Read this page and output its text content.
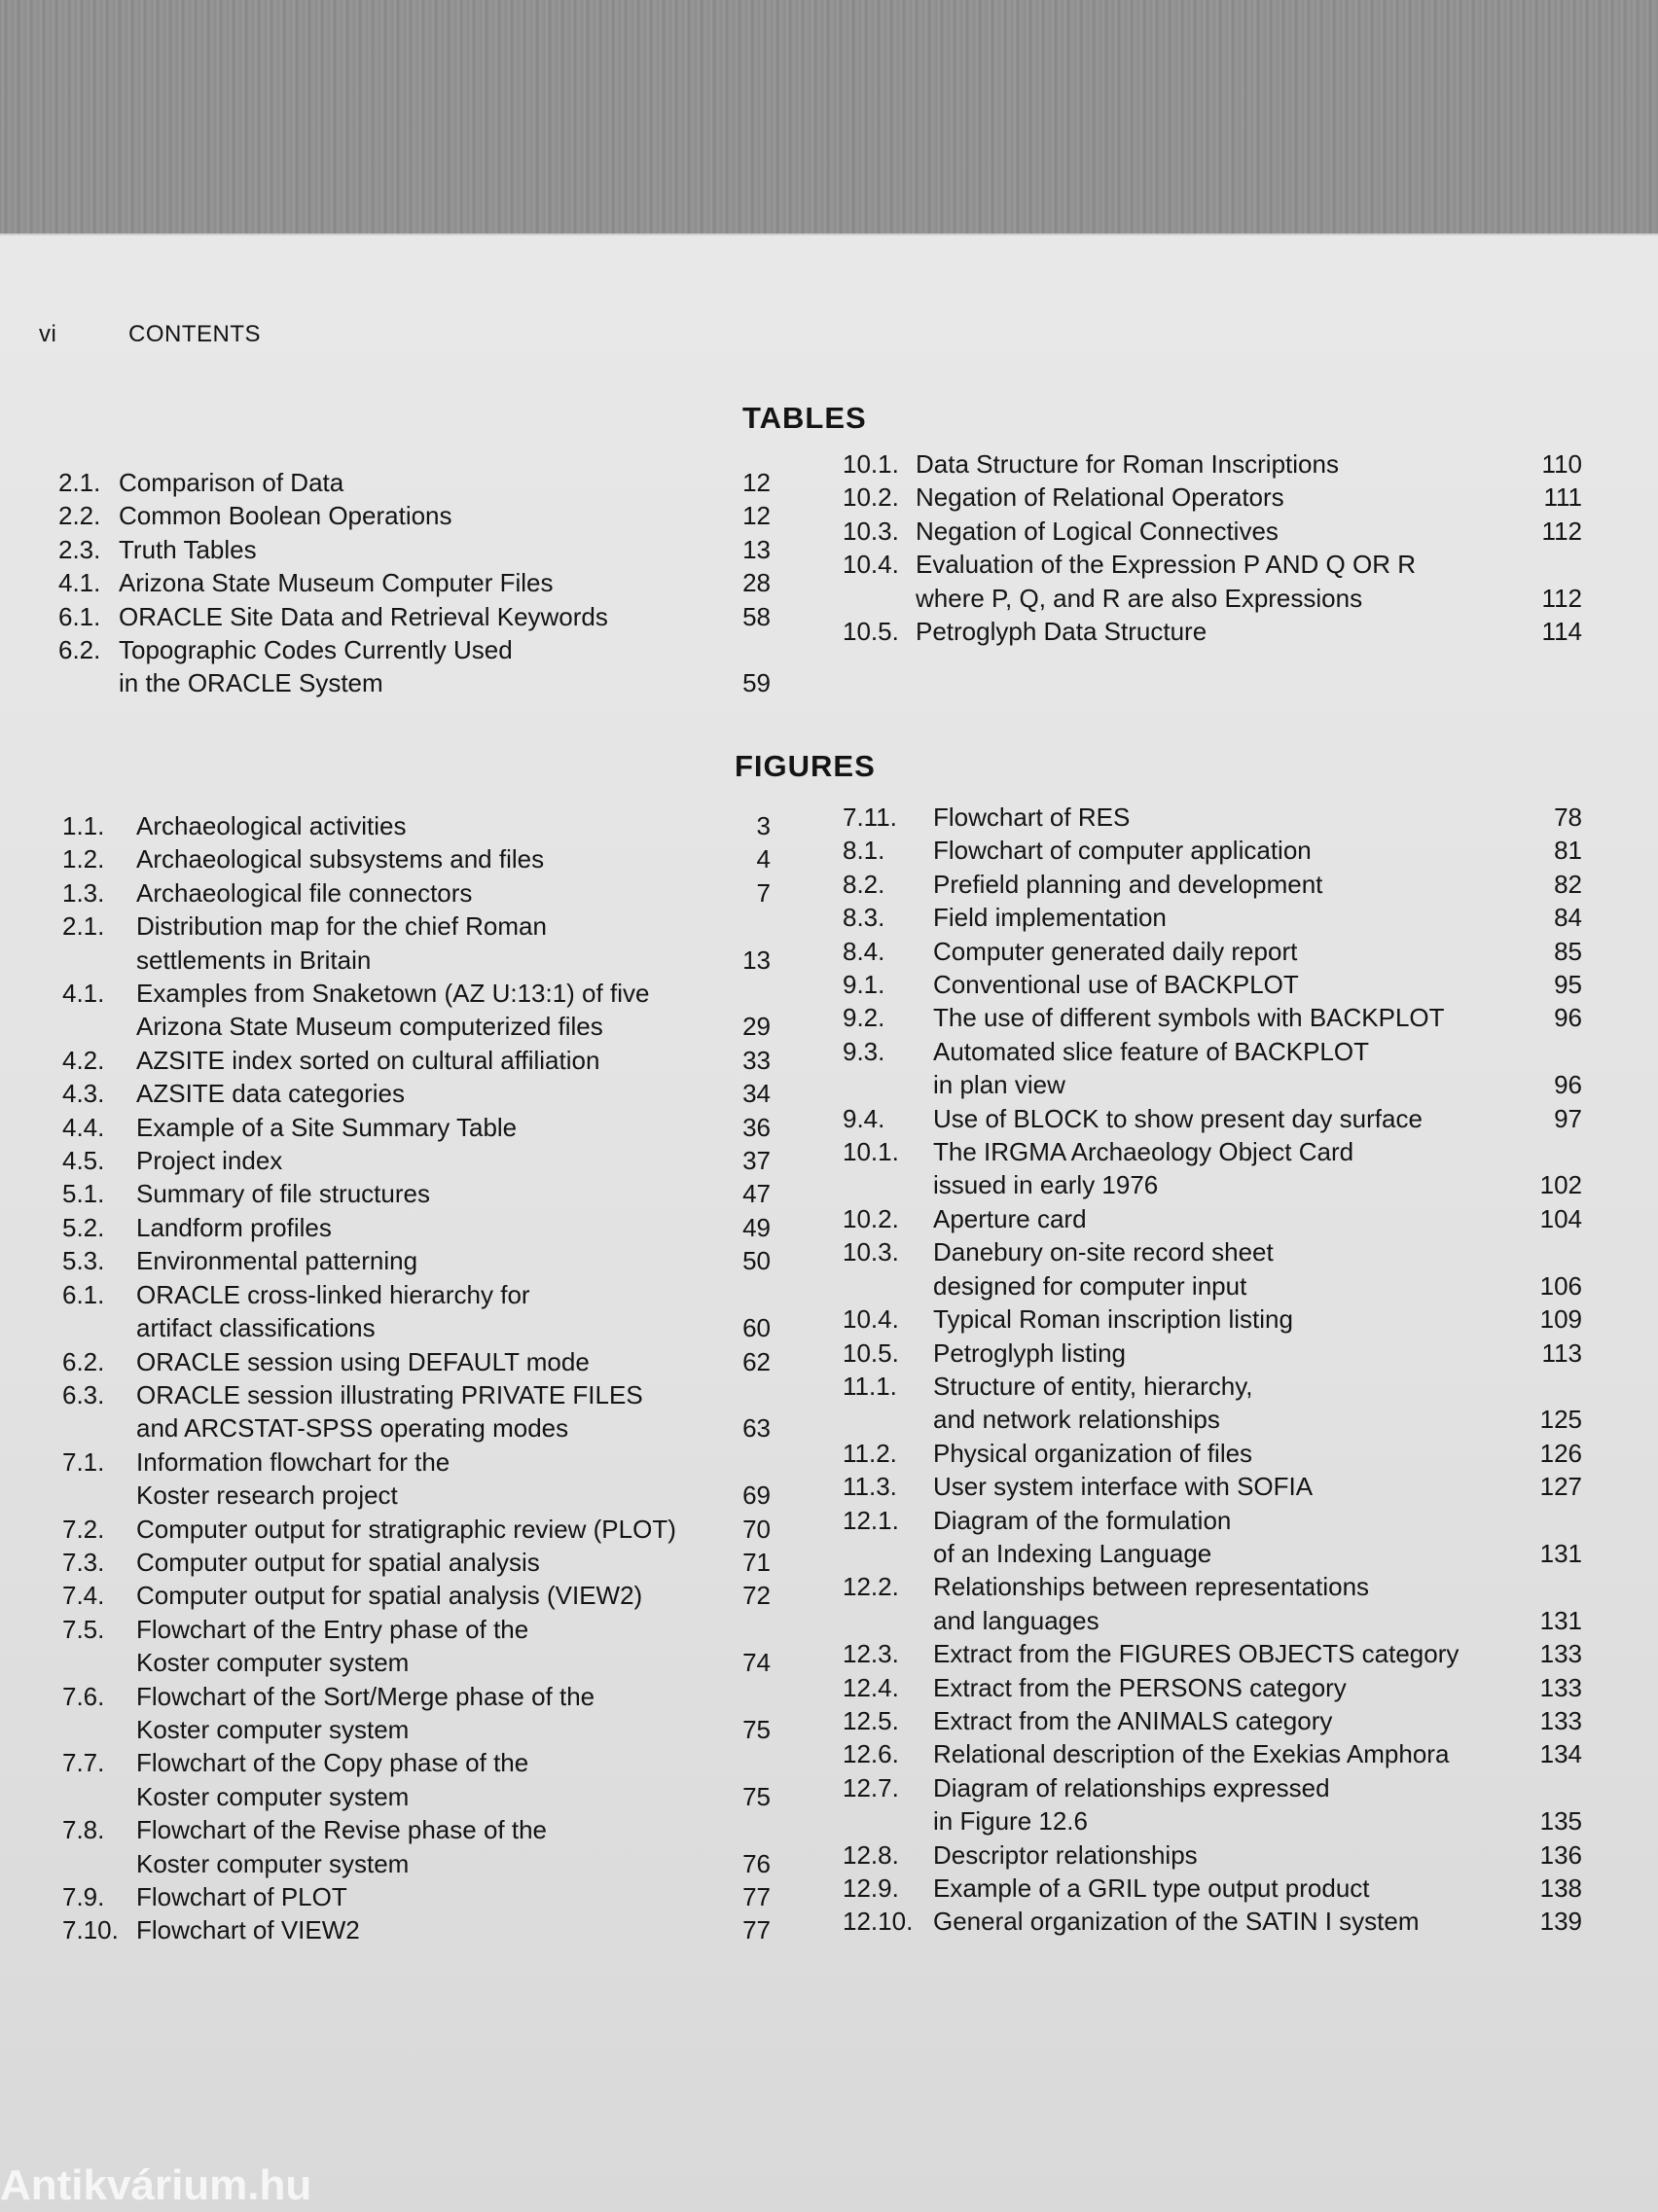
vi	CONTENTS
TABLES
2.1. Comparison of Data	12
2.2. Common Boolean Operations	12
2.3. Truth Tables	13
4.1. Arizona State Museum Computer Files	28
6.1. ORACLE Site Data and Retrieval Keywords	58
6.2. Topographic Codes Currently Used
in the ORACLE System	59
10.1. Data Structure for Roman Inscriptions	110
10.2. Negation of Relational Operators	111
10.3. Negation of Logical Connectives	112
10.4. Evaluation of the Expression P AND Q OR R
where P, Q, and R are also Expressions	112
10.5. Petroglyph Data Structure	114
FIGURES
1.1. Archaeological activities	3
1.2. Archaeological subsystems and files	4
1.3. Archaeological file connectors	7
2.1. Distribution map for the chief Roman
settlements in Britain	13
4.1. Examples from Snaketown (AZ U:13:1) of five
Arizona State Museum computerized files	29
4.2. AZSITE index sorted on cultural affiliation	33
4.3. AZSITE data categories	34
4.4. Example of a Site Summary Table	36
4.5. Project index	37
5.1. Summary of file structures	47
5.2. Landform profiles	49
5.3. Environmental patterning	50
6.1. ORACLE cross-linked hierarchy for
artifact classifications	60
6.2. ORACLE session using DEFAULT mode	62
6.3. ORACLE session illustrating PRIVATE FILES
and ARCSTAT-SPSS operating modes	63
7.1. Information flowchart for the
Koster research project	69
7.2. Computer output for stratigraphic review (PLOT)	70
7.3. Computer output for spatial analysis	71
7.4. Computer output for spatial analysis (VIEW2)	72
7.5. Flowchart of the Entry phase of the
Koster computer system	74
7.6. Flowchart of the Sort/Merge phase of the
Koster computer system	75
7.7. Flowchart of the Copy phase of the
Koster computer system	75
7.8. Flowchart of the Revise phase of the
Koster computer system	76
7.9. Flowchart of PLOT	77
7.10. Flowchart of VIEW2	77
7.11. Flowchart of RES	78
8.1. Flowchart of computer application	81
8.2. Prefield planning and development	82
8.3. Field implementation	84
8.4. Computer generated daily report	85
9.1. Conventional use of BACKPLOT	95
9.2. The use of different symbols with BACKPLOT	96
9.3. Automated slice feature of BACKPLOT
in plan view	96
9.4. Use of BLOCK to show present day surface	97
10.1. The IRGMA Archaeology Object Card
issued in early 1976	102
10.2. Aperture card	104
10.3. Danebury on-site record sheet
designed for computer input	106
10.4. Typical Roman inscription listing	109
10.5. Petroglyph listing	113
11.1. Structure of entity, hierarchy,
and network relationships	125
11.2. Physical organization of files	126
11.3. User system interface with SOFIA	127
12.1. Diagram of the formulation
of an Indexing Language	131
12.2. Relationships between representations
and languages	131
12.3. Extract from the FIGURES OBJECTS category	133
12.4. Extract from the PERSONS category	133
12.5. Extract from the ANIMALS category	133
12.6. Relational description of the Exekias Amphora	134
12.7. Diagram of relationships expressed
in Figure 12.6	135
12.8. Descriptor relationships	136
12.9. Example of a GRIL type output product	138
12.10. General organization of the SATIN I system	139
Antikvárium.hu
